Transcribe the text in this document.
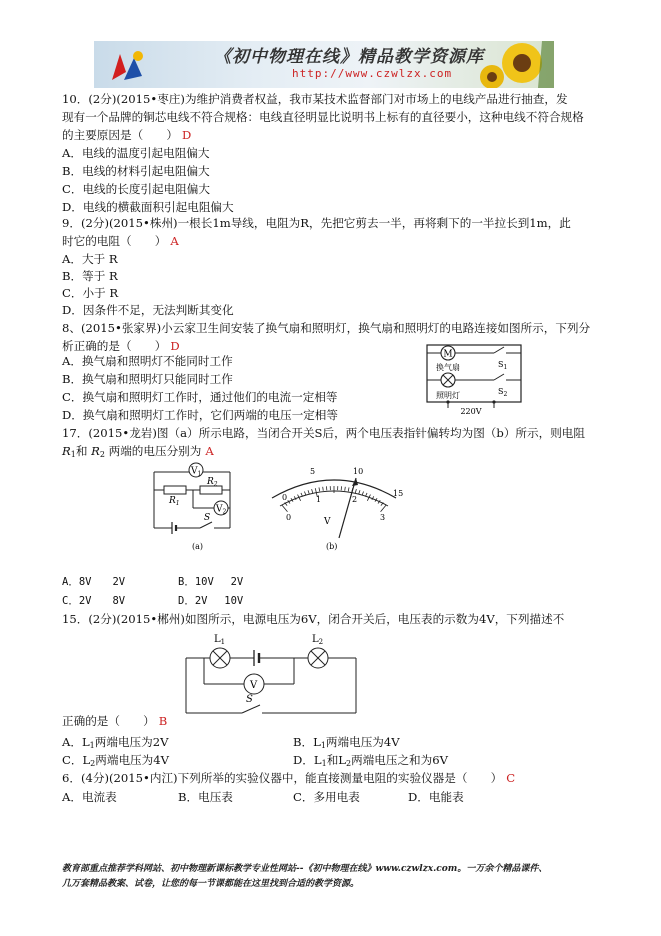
《初中物理在线》精品教学资源库
http://www.czwlzx.com
10．(2分)(2015•枣庄)为维护消费者权益，我市某技术监督部门对市场上的电线产品进行抽查，发
现有一个品牌的铜芯电线不符合规格：电线直径明显比说明书上标有的直径要小，这种电线不符合规格
的主要原因是（　　） D
A．电线的温度引起电阻偏大
B．电线的材料引起电阻偏大
C．电线的长度引起电阻偏大
D．电线的横截面积引起电阻偏大
9．(2分)(2015•株州)一根长1m导线，电阻为R，先把它剪去一半，再将剩下的一半拉长到1m，此
时它的电阻（　　） A
A．大于 R
B．等于 R
C．小于 R
D．因条件不足，无法判断其变化
8、(2015•张家界)小云家卫生间安装了换气扇和照明灯，换气扇和照明灯的电路连接如图所示，下列分
析正确的是（　　） D
A．换气扇和照明灯不能同时工作
B．换气扇和照明灯只能同时工作
C．换气扇和照明灯工作时，通过他们的电流一定相等
D．换气扇和照明灯工作时，它们两端的电压一定相等
M
换气扇	$S_1$
照明灯	$S_2$
220V
17．(2015•龙岩)图（a）所示电路，当闭合开关S后，两个电压表指针偏转均为图（b）所示，则电阻
R1和 R2 两端的电压分别为 A
$V_1$
$R_2$
$R_1$
$V_2$
S
(a)
0
5	10
15
0
1	2
3
V
(b)
A．8V　　2V	B．10V　 2V
C．2V　　8V	D．2V　 10V
15．(2分)(2015•郴州)如图所示，电源电压为6V，闭合开关后，电压表的示数为4V，下列描述不
$L_1$	$L_2$
V
S
正确的是（　　） B
A．L1两端电压为2V	B．L1两端电压为4V
C．L2两端电压为4V	D．L1和L2两端电压之和为6V
6．(4分)(2015•内江)下列所举的实验仪器中，能直接测量电阻的实验仪器是（　　） C
A．电流表	B．电压表	C．多用电表	D．电能表
教育部重点推荐学科网站、初中物理新课标教学专业性网站--《初中物理在线》www.czwlzx.com。一万余个精品课件、
几万套精品教案、试卷，让您的每一节课都能在这里找到合适的教学资源。
